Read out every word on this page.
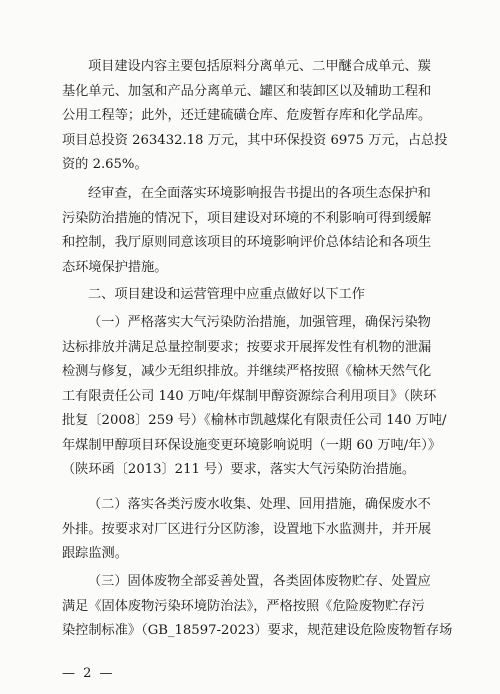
项目建设内容主要包括原料分离单元、二甲醚合成单元、羰
基化单元、加氢和产品分离单元、罐区和装卸区以及辅助工程和
公用工程等；此外，还迁建硫磺仓库、危废暂存库和化学品库。
项目总投资 263432.18 万元，其中环保投资 6975 万元，占总投
资的 2.65%。
经审查，在全面落实环境影响报告书提出的各项生态保护和
污染防治措施的情况下，项目建设对环境的不利影响可得到缓解
和控制，我厅原则同意该项目的环境影响评价总体结论和各项生
态环境保护措施。
二、项目建设和运营管理中应重点做好以下工作
（一）严格落实大气污染防治措施，加强管理，确保污染物
达标排放并满足总量控制要求；按要求开展挥发性有机物的泄漏
检测与修复，减少无组织排放。并继续严格按照《榆林天然气化
工有限责任公司 140 万吨/年煤制甲醇资源综合利用项目》（陕环
批复〔2008〕259 号）《榆林市凯越煤化有限责任公司 140 万吨/
年煤制甲醇项目环保设施变更环境影响说明（一期 60 万吨/年）》
（陕环函〔2013〕211 号）要求，落实大气污染防治措施。
（二）落实各类污废水收集、处理、回用措施，确保废水不
外排。按要求对厂区进行分区防渗，设置地下水监测井，并开展
跟踪监测。
（三）固体废物全部妥善处置，各类固体废物贮存、处置应
满足《固体废物污染环境防治法》，严格按照《危险废物贮存污
染控制标准》（GB_18597-2023）要求，规范建设危险废物暂存场
— 2 —
